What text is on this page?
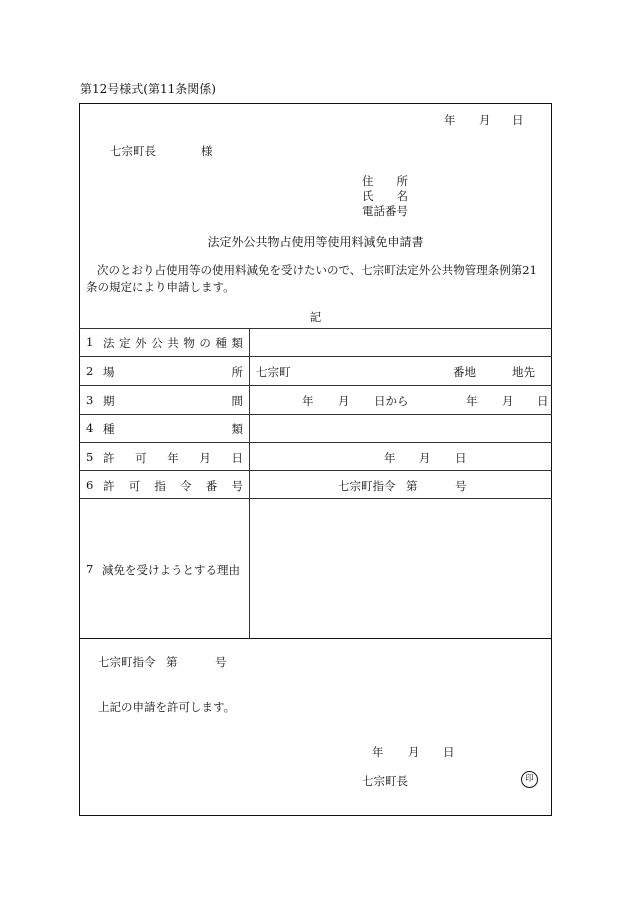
第12号様式(第11条関係)
年 月 日
七宗町長	様
住 所
氏 名
電話番号
法定外公共物占使用等使用料減免申請書
次のとおり占使用等の使用料減免を受けたいので、七宗町法定外公共物管理条例第21条の規定により申請します。
記
1 法 定 外 公 共 物 の 種 類
2 場	所 七宗町	番地	地先
3 期	間	年 月 日から	年 月 日
4 種	類
5 許 可 年 月 日	年 月 日
6 許 可 指 令 番 号	七宗町指令 第	号
7 減免を受けようとする理由
七宗町指令 第	号
上記の申請を許可します。
年 月 日
七宗町長	印
